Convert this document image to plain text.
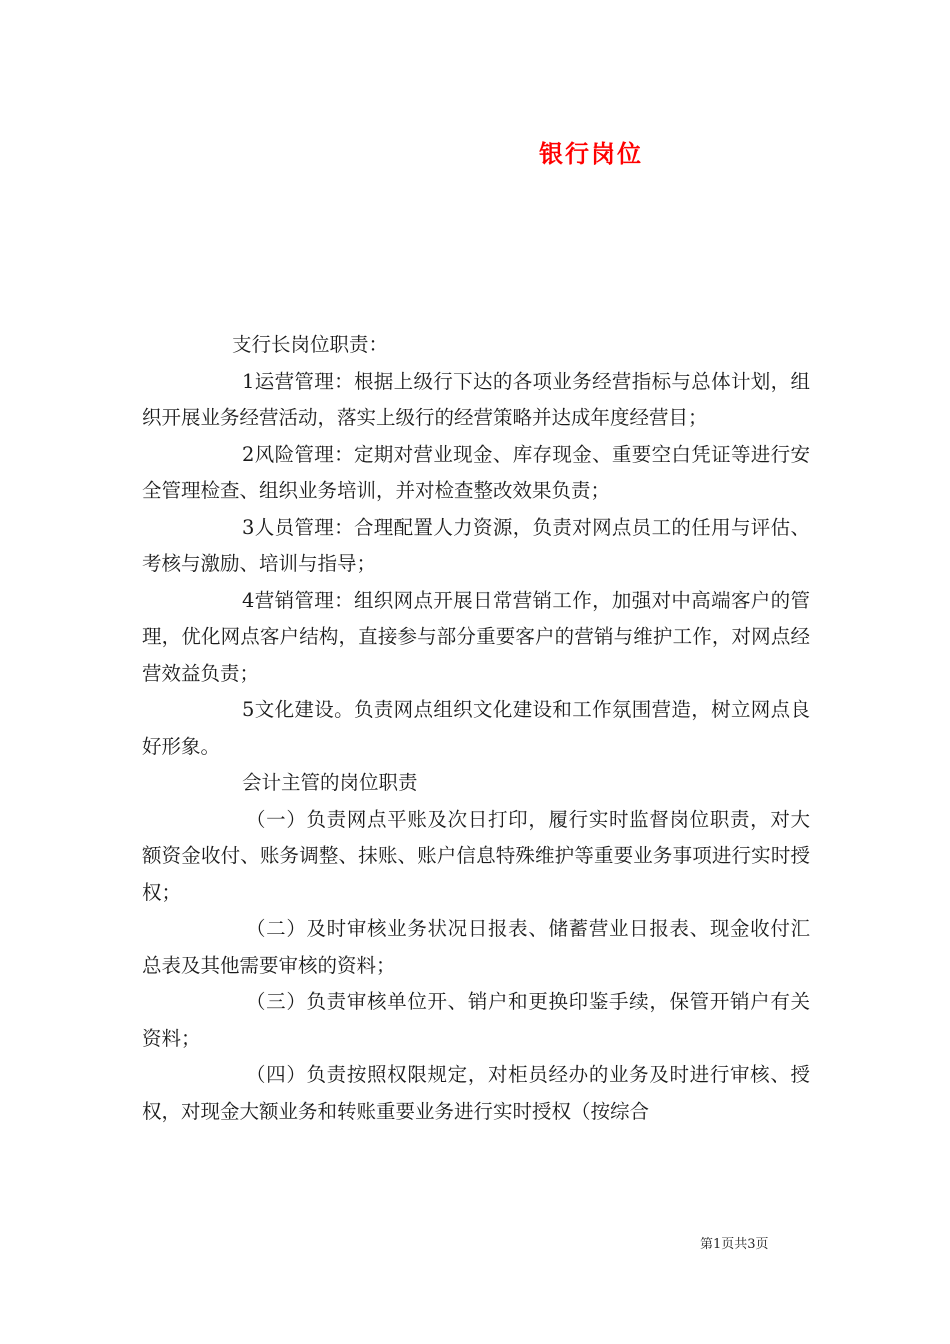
银行岗位

支行长岗位职责：

1运营管理：根据上级行下达的各项业务经营指标与总体计划，组织开展业务经营活动，落实上级行的经营策略并达成年度经营目；

2风险管理：定期对营业现金、库存现金、重要空白凭证等进行安全管理检查、组织业务培训，并对检查整改效果负责；

3人员管理：合理配置人力资源，负责对网点员工的任用与评估、考核与激励、培训与指导；

4营销管理：组织网点开展日常营销工作，加强对中高端客户的管理，优化网点客户结构，直接参与部分重要客户的营销与维护工作，对网点经营效益负责；

5文化建设。负责网点组织文化建设和工作氛围营造，树立网点良好形象。

会计主管的岗位职责

（一）负责网点平账及次日打印，履行实时监督岗位职责，对大额资金收付、账务调整、抹账、账户信息特殊维护等重要业务事项进行实时授权；

（二）及时审核业务状况日报表、储蓄营业日报表、现金收付汇总表及其他需要审核的资料；

（三）负责审核单位开、销户和更换印鉴手续，保管开销户有关资料；

（四）负责按照权限规定，对柜员经办的业务及时进行审核、授权，对现金大额业务和转账重要业务进行实时授权（按综合

第1页共3页
